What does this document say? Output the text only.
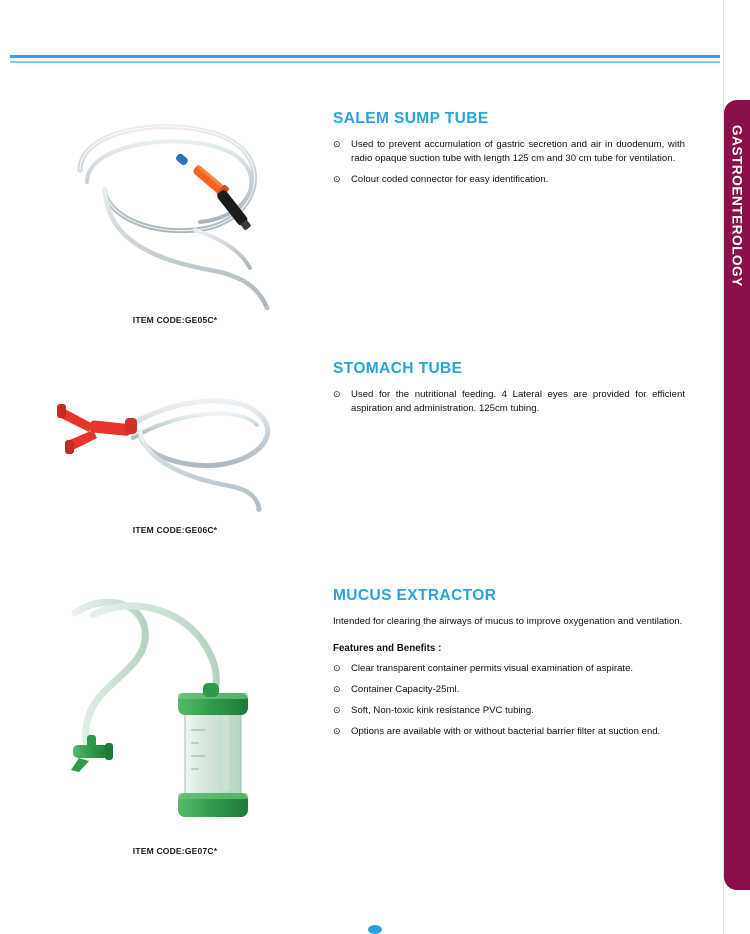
GASTROENTEROLOGY
ITEM CODE:GE05C*
SALEM SUMP TUBE
⊙ Used to prevent accumulation of gastric secretion and air in duodenum, with radio opaque suction tube with length 125 cm and 30 cm tube for ventilation.
⊙ Colour coded connector for easy identification.
ITEM CODE:GE06C*
STOMACH TUBE
⊙ Used for the nutritional feeding. 4 Lateral eyes are provided for efficient aspiration and administration. 125cm tubing.
ITEM CODE:GE07C*
MUCUS EXTRACTOR

Intended for clearing the airways of mucus to improve oxygenation and ventilation.

Features and Benefits :

⊙ Clear transparent container permits visual examination of aspirate.
⊙ Container Capacity-25ml.
⊙ Soft, Non-toxic kink resistance PVC tubing.
⊙ Options are available with or without bacterial barrier filter at suction end.
